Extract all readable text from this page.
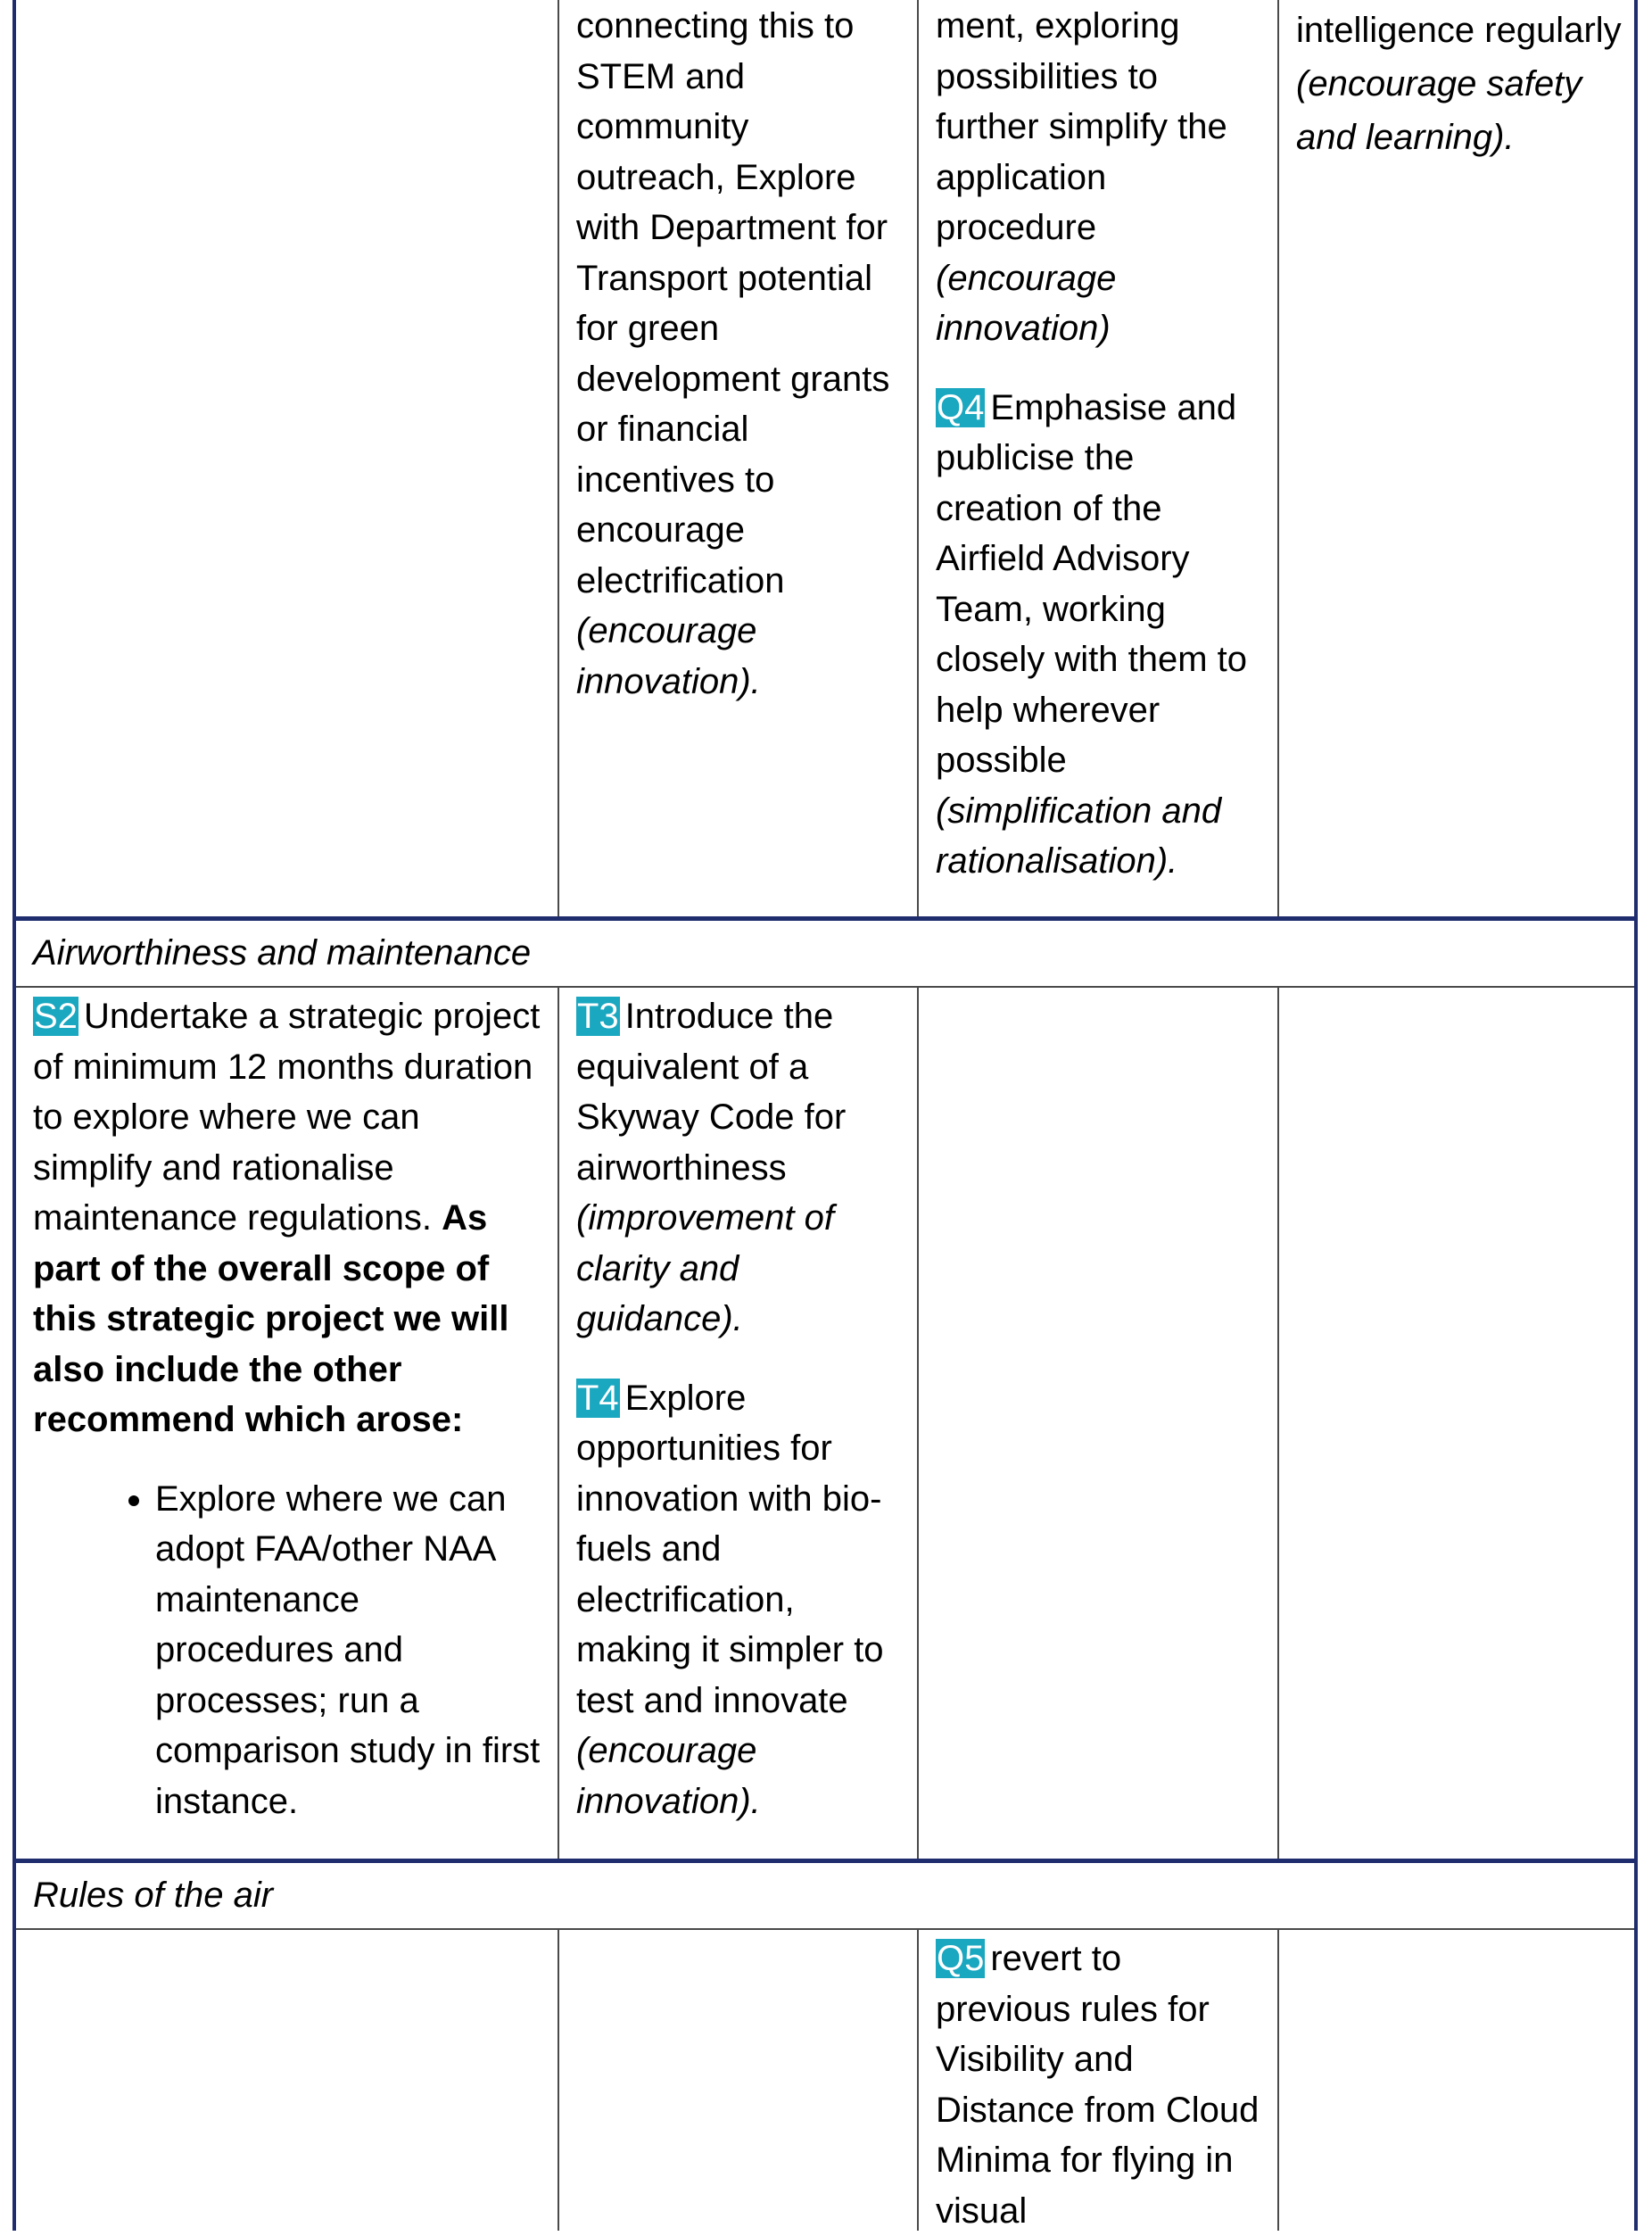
connecting this to STEM and community outreach, Explore with Department for Transport potential for green development grants or financial incentives to encourage electrification (encourage innovation).

ment, exploring possibilities to further simplify the application procedure (encourage innovation)

Q4 Emphasise and publicise the creation of the Airfield Advisory Team, working closely with them to help wherever possible (simplification and rationalisation).

intelligence regularly (encourage safety and learning).

Airworthiness and maintenance

S2 Undertake a strategic project of minimum 12 months duration to explore where we can simplify and rationalise maintenance regulations. As part of the overall scope of this strategic project we will also include the other recommend which arose:

• Explore where we can adopt FAA/other NAA maintenance procedures and processes; run a comparison study in first instance.

T3 Introduce the equivalent of a Skyway Code for airworthiness (improvement of clarity and guidance).

T4 Explore opportunities for innovation with bio-fuels and electrification, making it simpler to test and innovate (encourage innovation).

Rules of the air

Q5 revert to previous rules for Visibility and Distance from Cloud Minima for flying in visual
